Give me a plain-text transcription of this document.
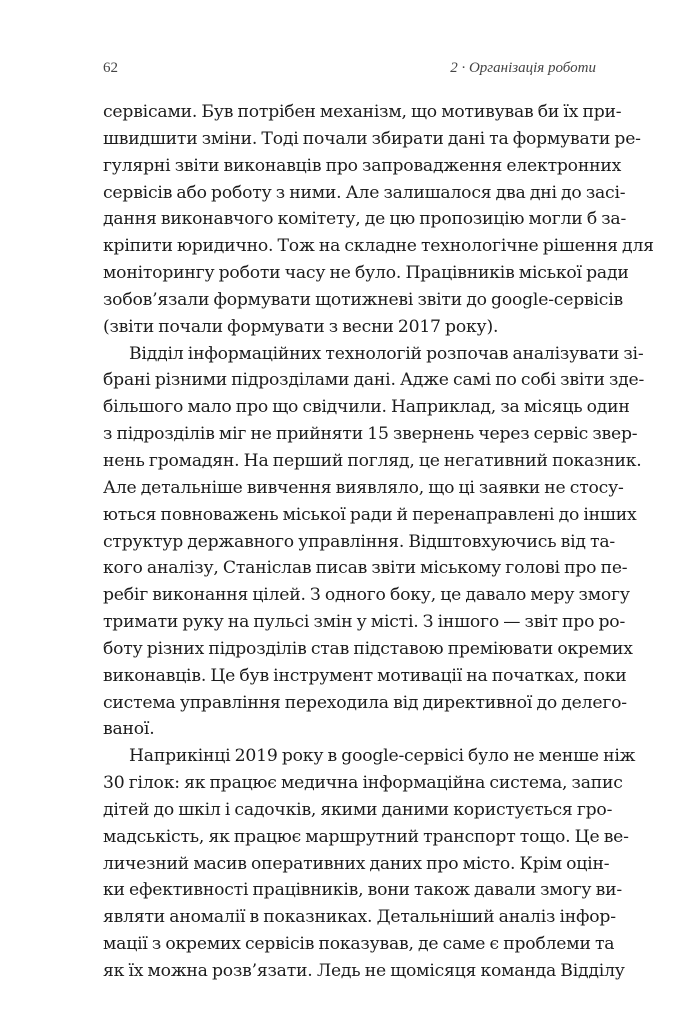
62	2 · Організація роботи
сервісами. Був потрібен механізм, що мотивував би їх при-
швидшити зміни. Тоді почали збирати дані та формувати ре-
гулярні звіти виконавців про запровадження електронних
сервісів або роботу з ними. Але залишалося два дні до засі-
дання виконавчого комітету, де цю пропозицію могли б за-
кріпити юридично. Тож на складне технологічне рішення для
моніторингу роботи часу не було. Працівників міської ради
зобов’язали формувати щотижневі звіти до google-сервісів
(звіти почали формувати з весни 2017 року).
Відділ інформаційних технологій розпочав аналізувати зі-
брані різними підрозділами дані. Адже самі по собі звіти зде-
більшого мало про що свідчили. Наприклад, за місяць один
з підрозділів міг не прийняти 15 звернень через сервіс звер-
нень громадян. На перший погляд, це негативний показник.
Але детальніше вивчення виявляло, що ці заявки не стосу-
ються повноважень міської ради й перенаправлені до інших
структур державного управління. Відштовхуючись від та-
кого аналізу, Станіслав писав звіти міському голові про пе-
ребіг виконання цілей. З одного боку, це давало меру змогу
тримати руку на пульсі змін у місті. З іншого — звіт про ро-
боту різних підрозділів став підставою преміювати окремих
виконавців. Це був інструмент мотивації на початках, поки
система управління переходила від директивної до делего-
ваної.
Наприкінці 2019 року в google-сервісі було не менше ніж
30 гілок: як працює медична інформаційна система, запис
дітей до шкіл і садочків, якими даними користується гро-
мадськість, як працює маршрутний транспорт тощо. Це ве-
личезний масив оперативних даних про місто. Крім оцін-
ки ефективності працівників, вони також давали змогу ви-
являти аномалії в показниках. Детальніший аналіз інфор-
мації з окремих сервісів показував, де саме є проблеми та
як їх можна розв’язати. Ледь не щомісяця команда Відділу
